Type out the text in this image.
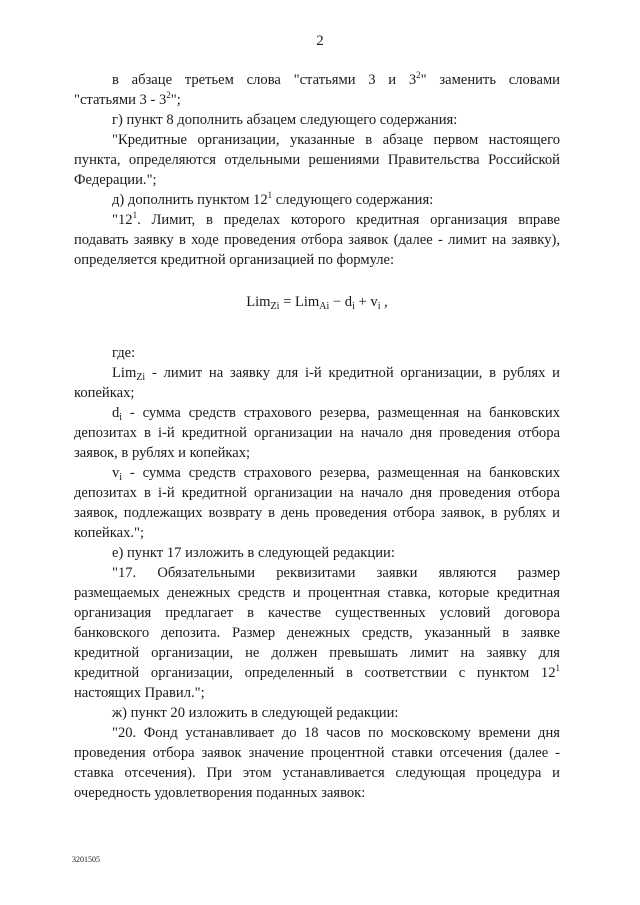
2

в абзаце третьем слова "статьями 3 и $3^2$" заменить словами

"статьями $3 - 3^2$";

г) пункт 8 дополнить абзацем следующего содержания:

"Кредитные организации, указанные в абзаце первом настоящего пункта, определяются отдельными решениями Правительства Российской Федерации.";

д) дополнить пунктом $12^1$ следующего содержания:

"$12^1$. Лимит, в пределах которого кредитная организация вправе подавать заявку в ходе проведения отбора заявок (далее - лимит на заявку), определяется кредитной организацией по формуле:

$Lim_{Zi} = Lim_{Ai} - d_i + v_i$ ,

где:

Lim$_{Zi}$ - лимит на заявку для i-й кредитной организации, в рублях и копейках;

$d_i$ - сумма средств страхового резерва, размещенная на банковских депозитах в i-й кредитной организации на начало дня проведения отбора заявок, в рублях и копейках;

$v_i$ - сумма средств страхового резерва, размещенная на банковских депозитах в i-й кредитной организации на начало дня проведения отбора заявок, подлежащих возврату в день проведения отбора заявок, в рублях и копейках.";

е) пункт 17 изложить в следующей редакции:

"17. Обязательными реквизитами заявки являются размер размещаемых денежных средств и процентная ставка, которые кредитная организация предлагает в качестве существенных условий договора банковского депозита. Размер денежных средств, указанный в заявке кредитной организации, не должен превышать лимит на заявку для кредитной организации, определенный в соответствии с пунктом $12^1$ настоящих Правил.";

ж) пункт 20 изложить в следующей редакции:

"20. Фонд устанавливает до 18 часов по московскому времени дня проведения отбора заявок значение процентной ставки отсечения (далее - ставка отсечения). При этом устанавливается следующая процедура и очередность удовлетворения поданных заявок:

3201505
